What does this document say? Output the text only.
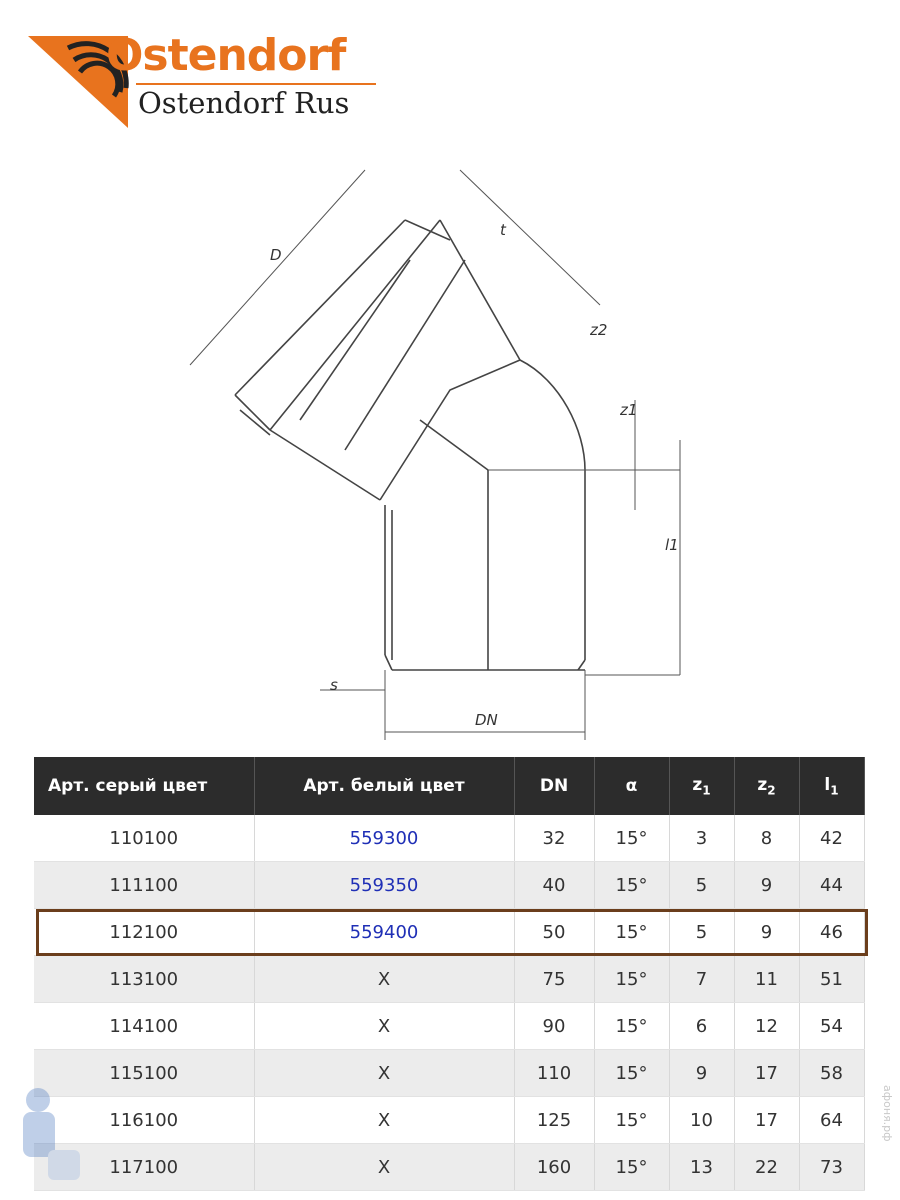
Ostendorf
Ostendorf Rus
D
t
z2
z1
l1
s
DN
Арт. серый цвет	Арт. белый цвет	DN	α	$z_1$	$z_2$	$l_1$
110100	559300	32	15°	3	8	42
111100	559350	40	15°	5	9	44
112100	559400	50	15°	5	9	46
113100	X	75	15°	7	11	51
114100	X	90	15°	6	12	54
115100	X	110	15°	9	17	58
116100	X	125	15°	10	17	64
117100	X	160	15°	13	22	73
афоня.рф
